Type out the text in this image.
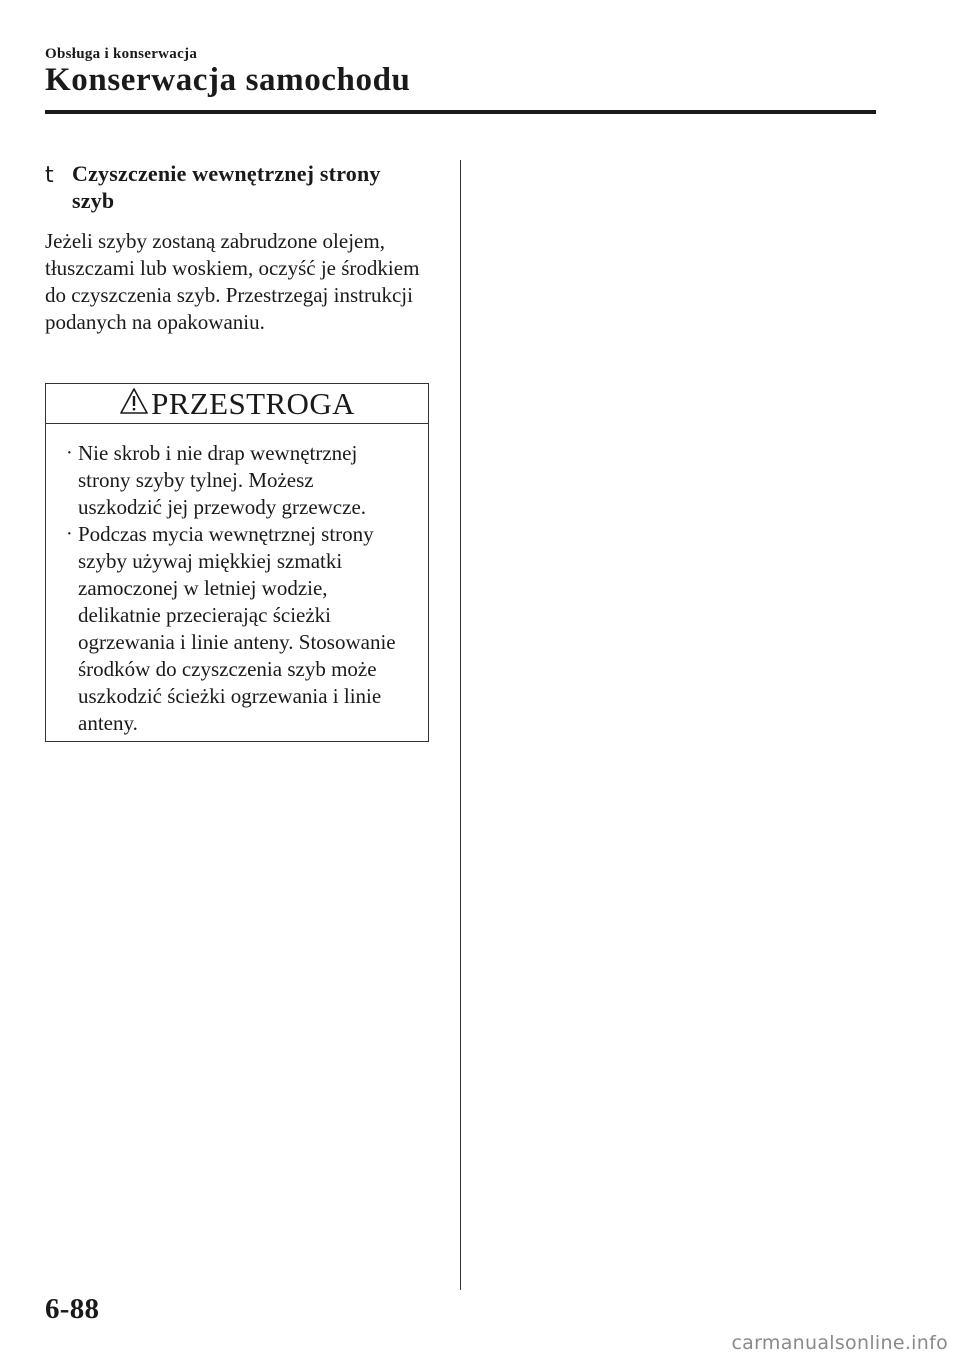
Obsługa i konserwacja
Konserwacja samochodu
t Czyszczenie wewnętrznej strony szyb

Jeżeli szyby zostaną zabrudzone olejem, tłuszczami lub woskiem, oczyść je środkiem do czyszczenia szyb. Przestrzegaj instrukcji podanych na opakowaniu.

PRZESTROGA
· Nie skrob i nie drap wewnętrznej strony szyby tylnej. Możesz uszkodzić jej przewody grzewcze.
· Podczas mycia wewnętrznej strony szyby używaj miękkiej szmatki zamoczonej w letniej wodzie, delikatnie przecierając ścieżki ogrzewania i linie anteny. Stosowanie środków do czyszczenia szyb może uszkodzić ścieżki ogrzewania i linie anteny.
6-88
carmanualsonline.info
